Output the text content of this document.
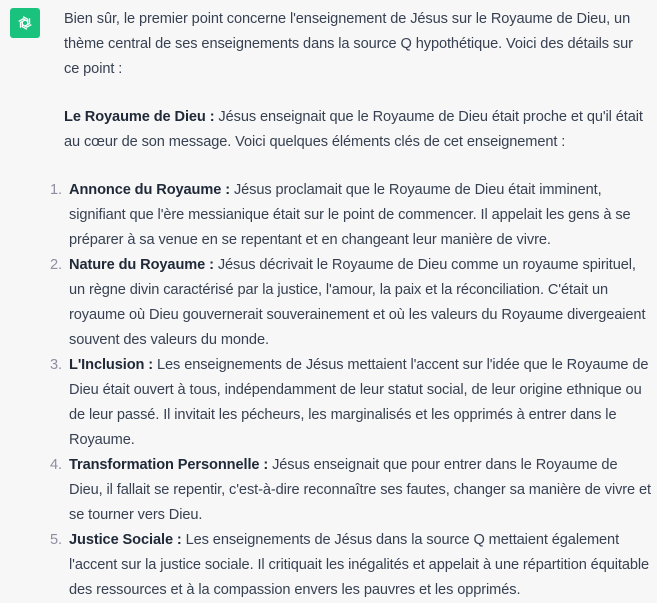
Bien sûr, le premier point concerne l'enseignement de Jésus sur le Royaume de Dieu, un thème central de ses enseignements dans la source Q hypothétique. Voici des détails sur ce point :

Le Royaume de Dieu : Jésus enseignait que le Royaume de Dieu était proche et qu'il était au cœur de son message. Voici quelques éléments clés de cet enseignement :

1. Annonce du Royaume : Jésus proclamait que le Royaume de Dieu était imminent, signifiant que l'ère messianique était sur le point de commencer. Il appelait les gens à se préparer à sa venue en se repentant et en changeant leur manière de vivre.
2. Nature du Royaume : Jésus décrivait le Royaume de Dieu comme un royaume spirituel, un règne divin caractérisé par la justice, l'amour, la paix et la réconciliation. C'était un royaume où Dieu gouvernerait souverainement et où les valeurs du Royaume divergeaient souvent des valeurs du monde.
3. L'Inclusion : Les enseignements de Jésus mettaient l'accent sur l'idée que le Royaume de Dieu était ouvert à tous, indépendamment de leur statut social, de leur origine ethnique ou de leur passé. Il invitait les pécheurs, les marginalisés et les opprimés à entrer dans le Royaume.
4. Transformation Personnelle : Jésus enseignait que pour entrer dans le Royaume de Dieu, il fallait se repentir, c'est-à-dire reconnaître ses fautes, changer sa manière de vivre et se tourner vers Dieu.
5. Justice Sociale : Les enseignements de Jésus dans la source Q mettaient également l'accent sur la justice sociale. Il critiquait les inégalités et appelait à une répartition équitable des ressources et à la compassion envers les pauvres et les opprimés.
